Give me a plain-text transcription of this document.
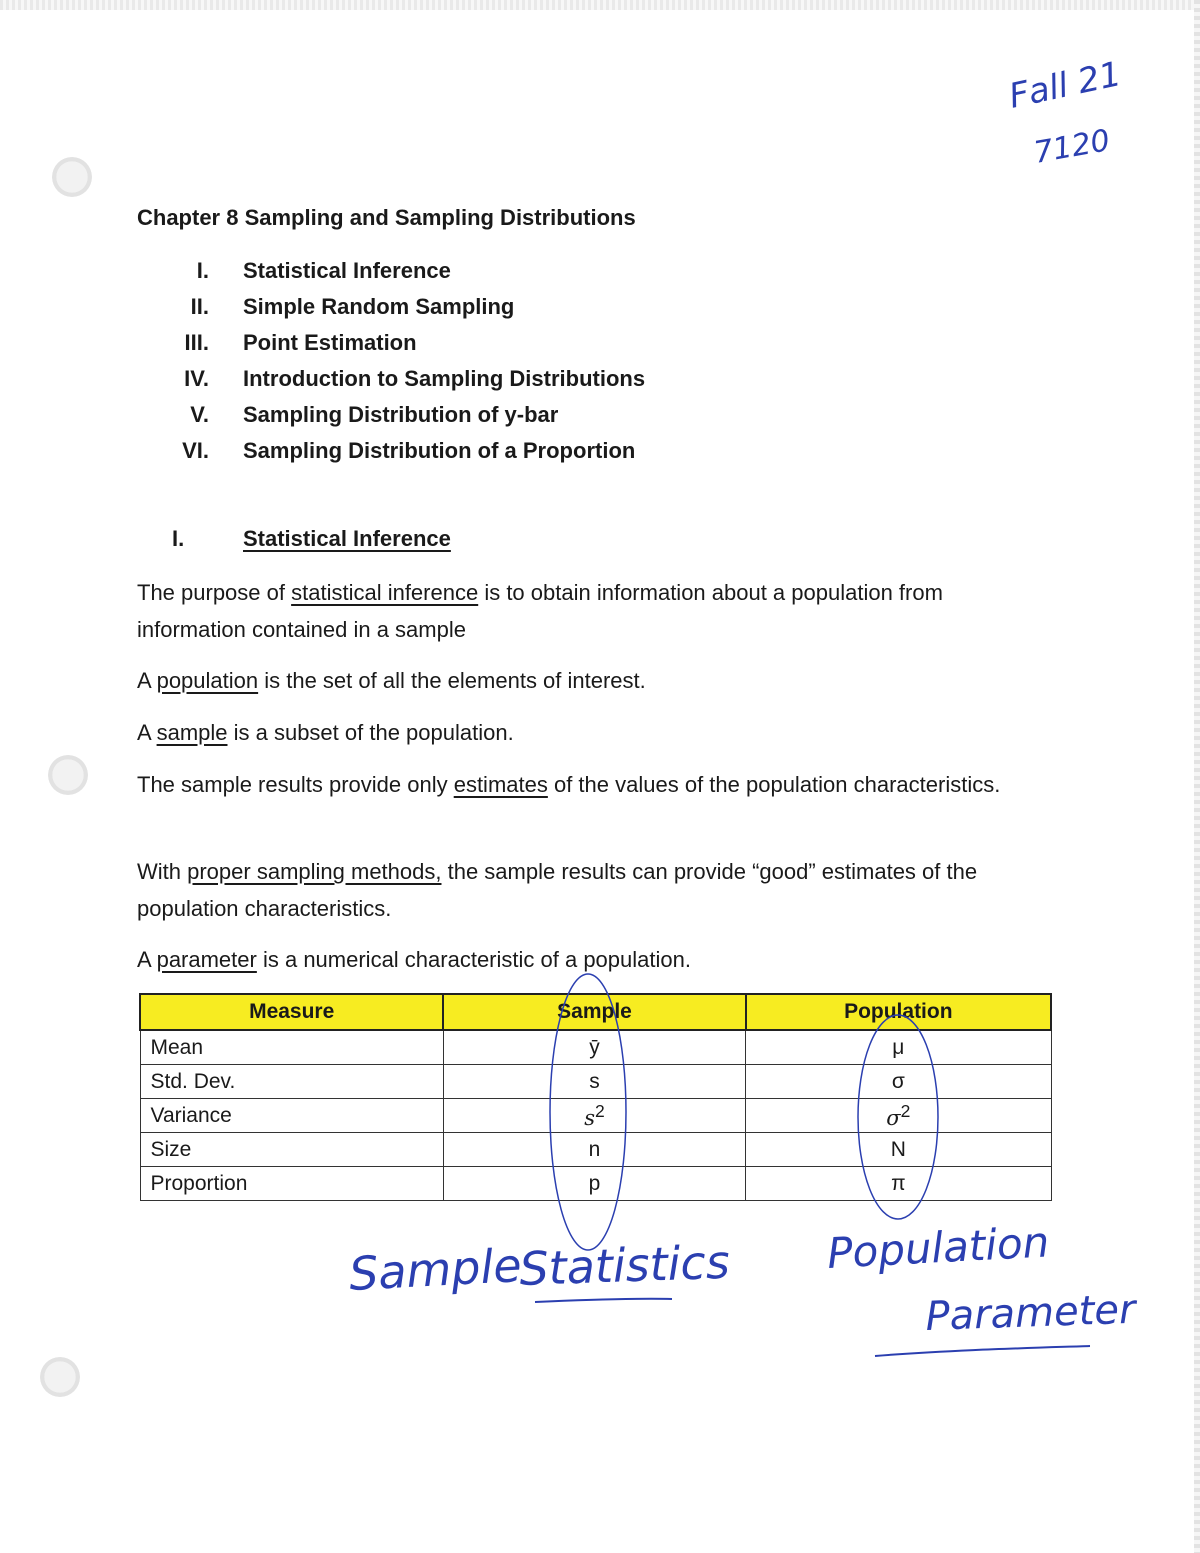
Fall 21
7120
Chapter 8 Sampling and Sampling Distributions
I. Statistical Inference
II. Simple Random Sampling
III. Point Estimation
IV. Introduction to Sampling Distributions
V. Sampling Distribution of y-bar
VI. Sampling Distribution of a Proportion
I.	Statistical Inference
The purpose of statistical inference is to obtain information about a population from information contained in a sample
A population is the set of all the elements of interest.
A sample is a subset of the population.
The sample results provide only estimates of the values of the population characteristics.
With proper sampling methods, the sample results can provide “good” estimates of the population characteristics.
A parameter is a numerical characteristic of a population.
Measure	Sample	Population
Mean	ȳ	μ
Std. Dev.	s	σ
Variance	$s^2$	$\sigma^2$
Size	n	N
Proportion	p	π
Sample
Statistics Population
Parameter
